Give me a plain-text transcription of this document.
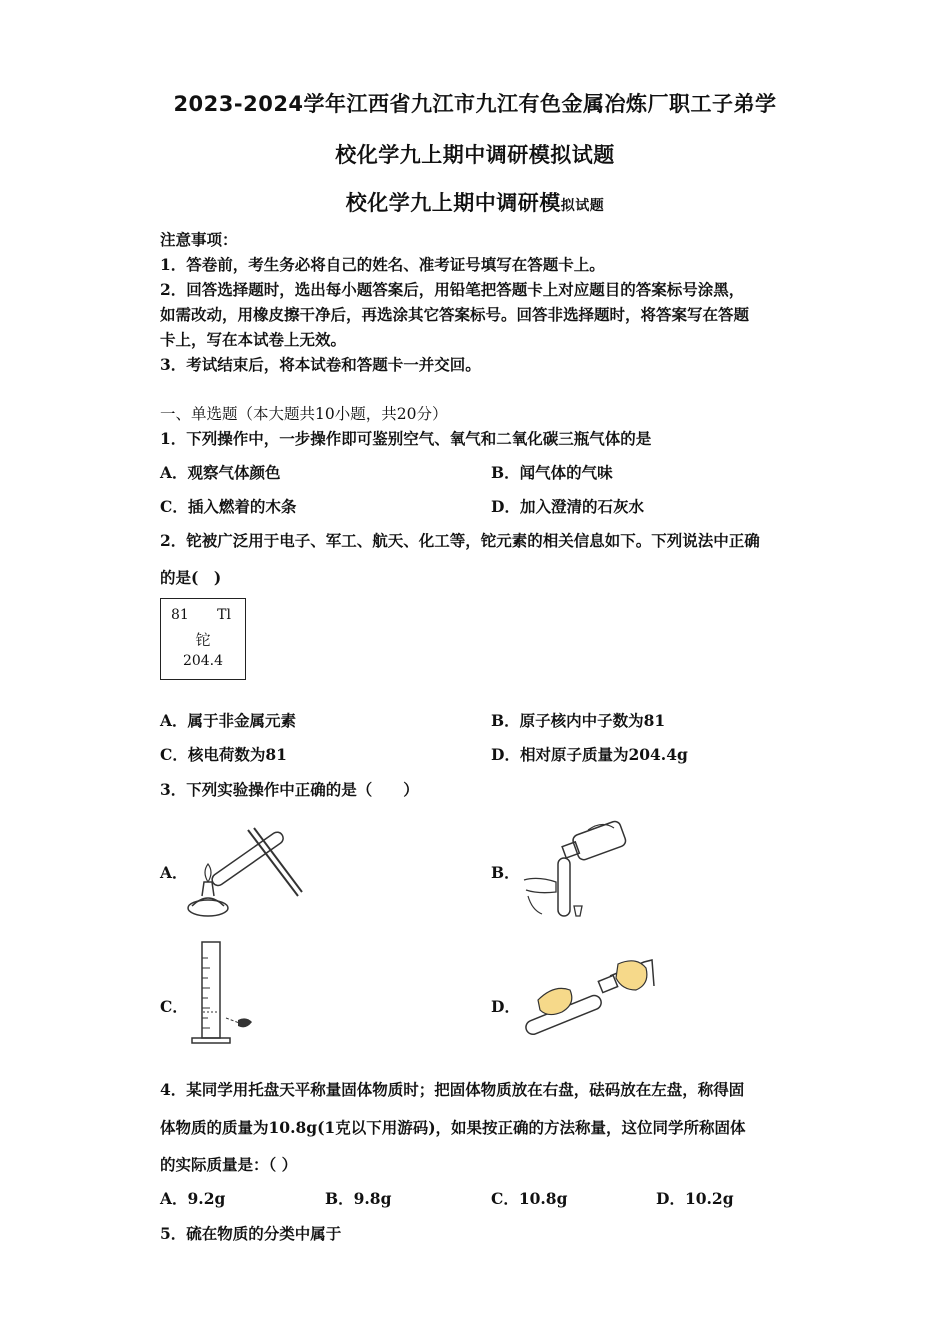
2023-2024学年江西省九江市九江有色金属冶炼厂职工子弟学
校化学九上期中调研模拟试题
校化学九上期中调研模拟试题
注意事项：
1．答卷前，考生务必将自己的姓名、准考证号填写在答题卡上。
2．回答选择题时，选出每小题答案后，用铅笔把答题卡上对应题目的答案标号涂黑，
如需改动，用橡皮擦干净后，再选涂其它答案标号。回答非选择题时，将答案写在答题
卡上，写在本试卷上无效。
3．考试结束后，将本试卷和答题卡一并交回。
一、单选题（本大题共10小题，共20分）
1．下列操作中，一步操作即可鉴别空气、氧气和二氧化碳三瓶气体的是
A．观察气体颜色	B．闻气体的气味
C．插入燃着的木条	D．加入澄清的石灰水
2．铊被广泛用于电子、军工、航天、化工等，铊元素的相关信息如下。下列说法中正确
的是(　)
81 Tl
铊
204.4
A．属于非金属元素	B．原子核内中子数为81
C．核电荷数为81	D．相对原子质量为204.4g
3．下列实验操作中正确的是（　　）
A．	B．
C．	D．
4．某同学用托盘天平称量固体物质时；把固体物质放在右盘，砝码放在左盘，称得固
体物质的质量为10.8g(1克以下用游码)，如果按正确的方法称量，这位同学所称固体
的实际质量是：（ ）
A．9.2g	B．9.8g	C．10.8g	D．10.2g
5．硫在物质的分类中属于
